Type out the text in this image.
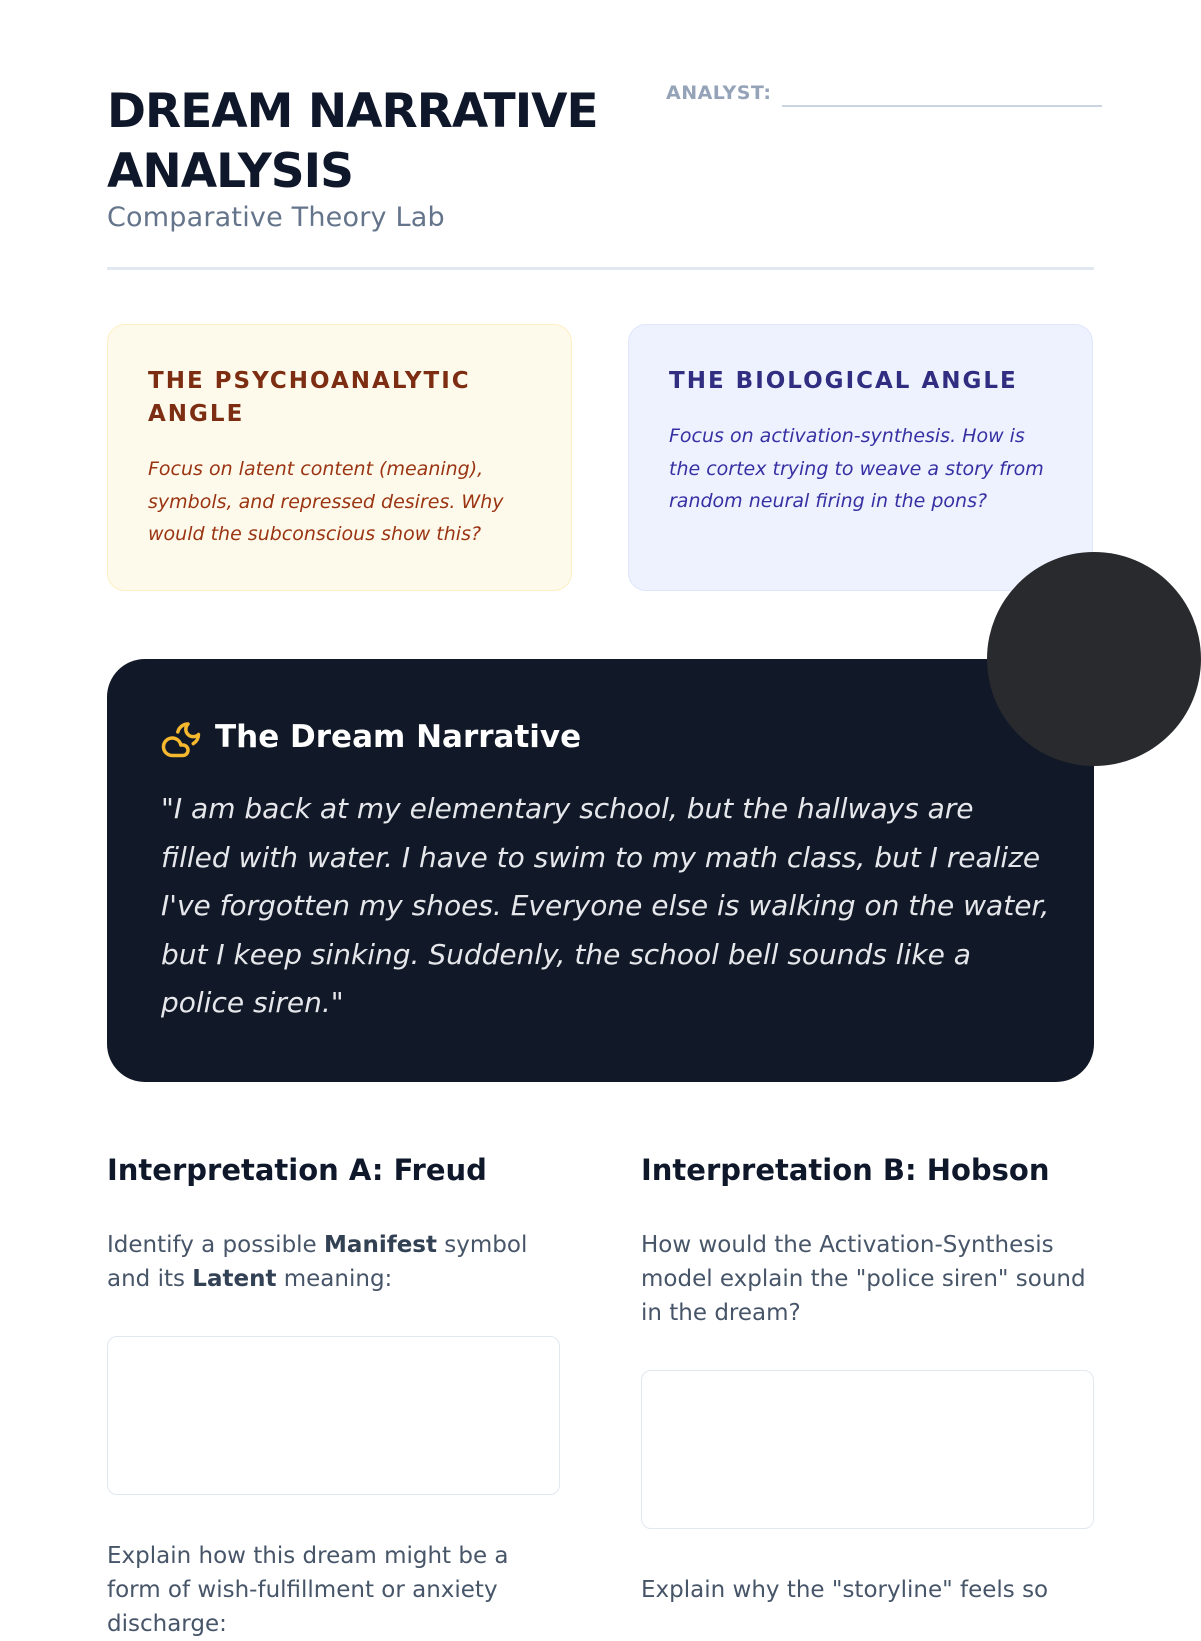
DREAM NARRATIVE ANALYSIS
Comparative Theory Lab
ANALYST:
THE PSYCHOANALYTIC ANGLE

Focus on latent content (meaning), symbols, and repressed desires. Why would the subconscious show this?

THE BIOLOGICAL ANGLE

Focus on activation-synthesis. How is the cortex trying to weave a story from random neural firing in the pons?

The Dream Narrative

"I am back at my elementary school, but the hallways are filled with water. I have to swim to my math class, but I realize I've forgotten my shoes. Everyone else is walking on the water, but I keep sinking. Suddenly, the school bell sounds like a police siren."

Interpretation A: Freud

Identify a possible Manifest symbol and its Latent meaning:

Explain how this dream might be a form of wish-fulfillment or anxiety discharge:

Interpretation B: Hobson

How would the Activation-Synthesis model explain the "police siren" sound in the dream?

Explain why the "storyline" feels so
